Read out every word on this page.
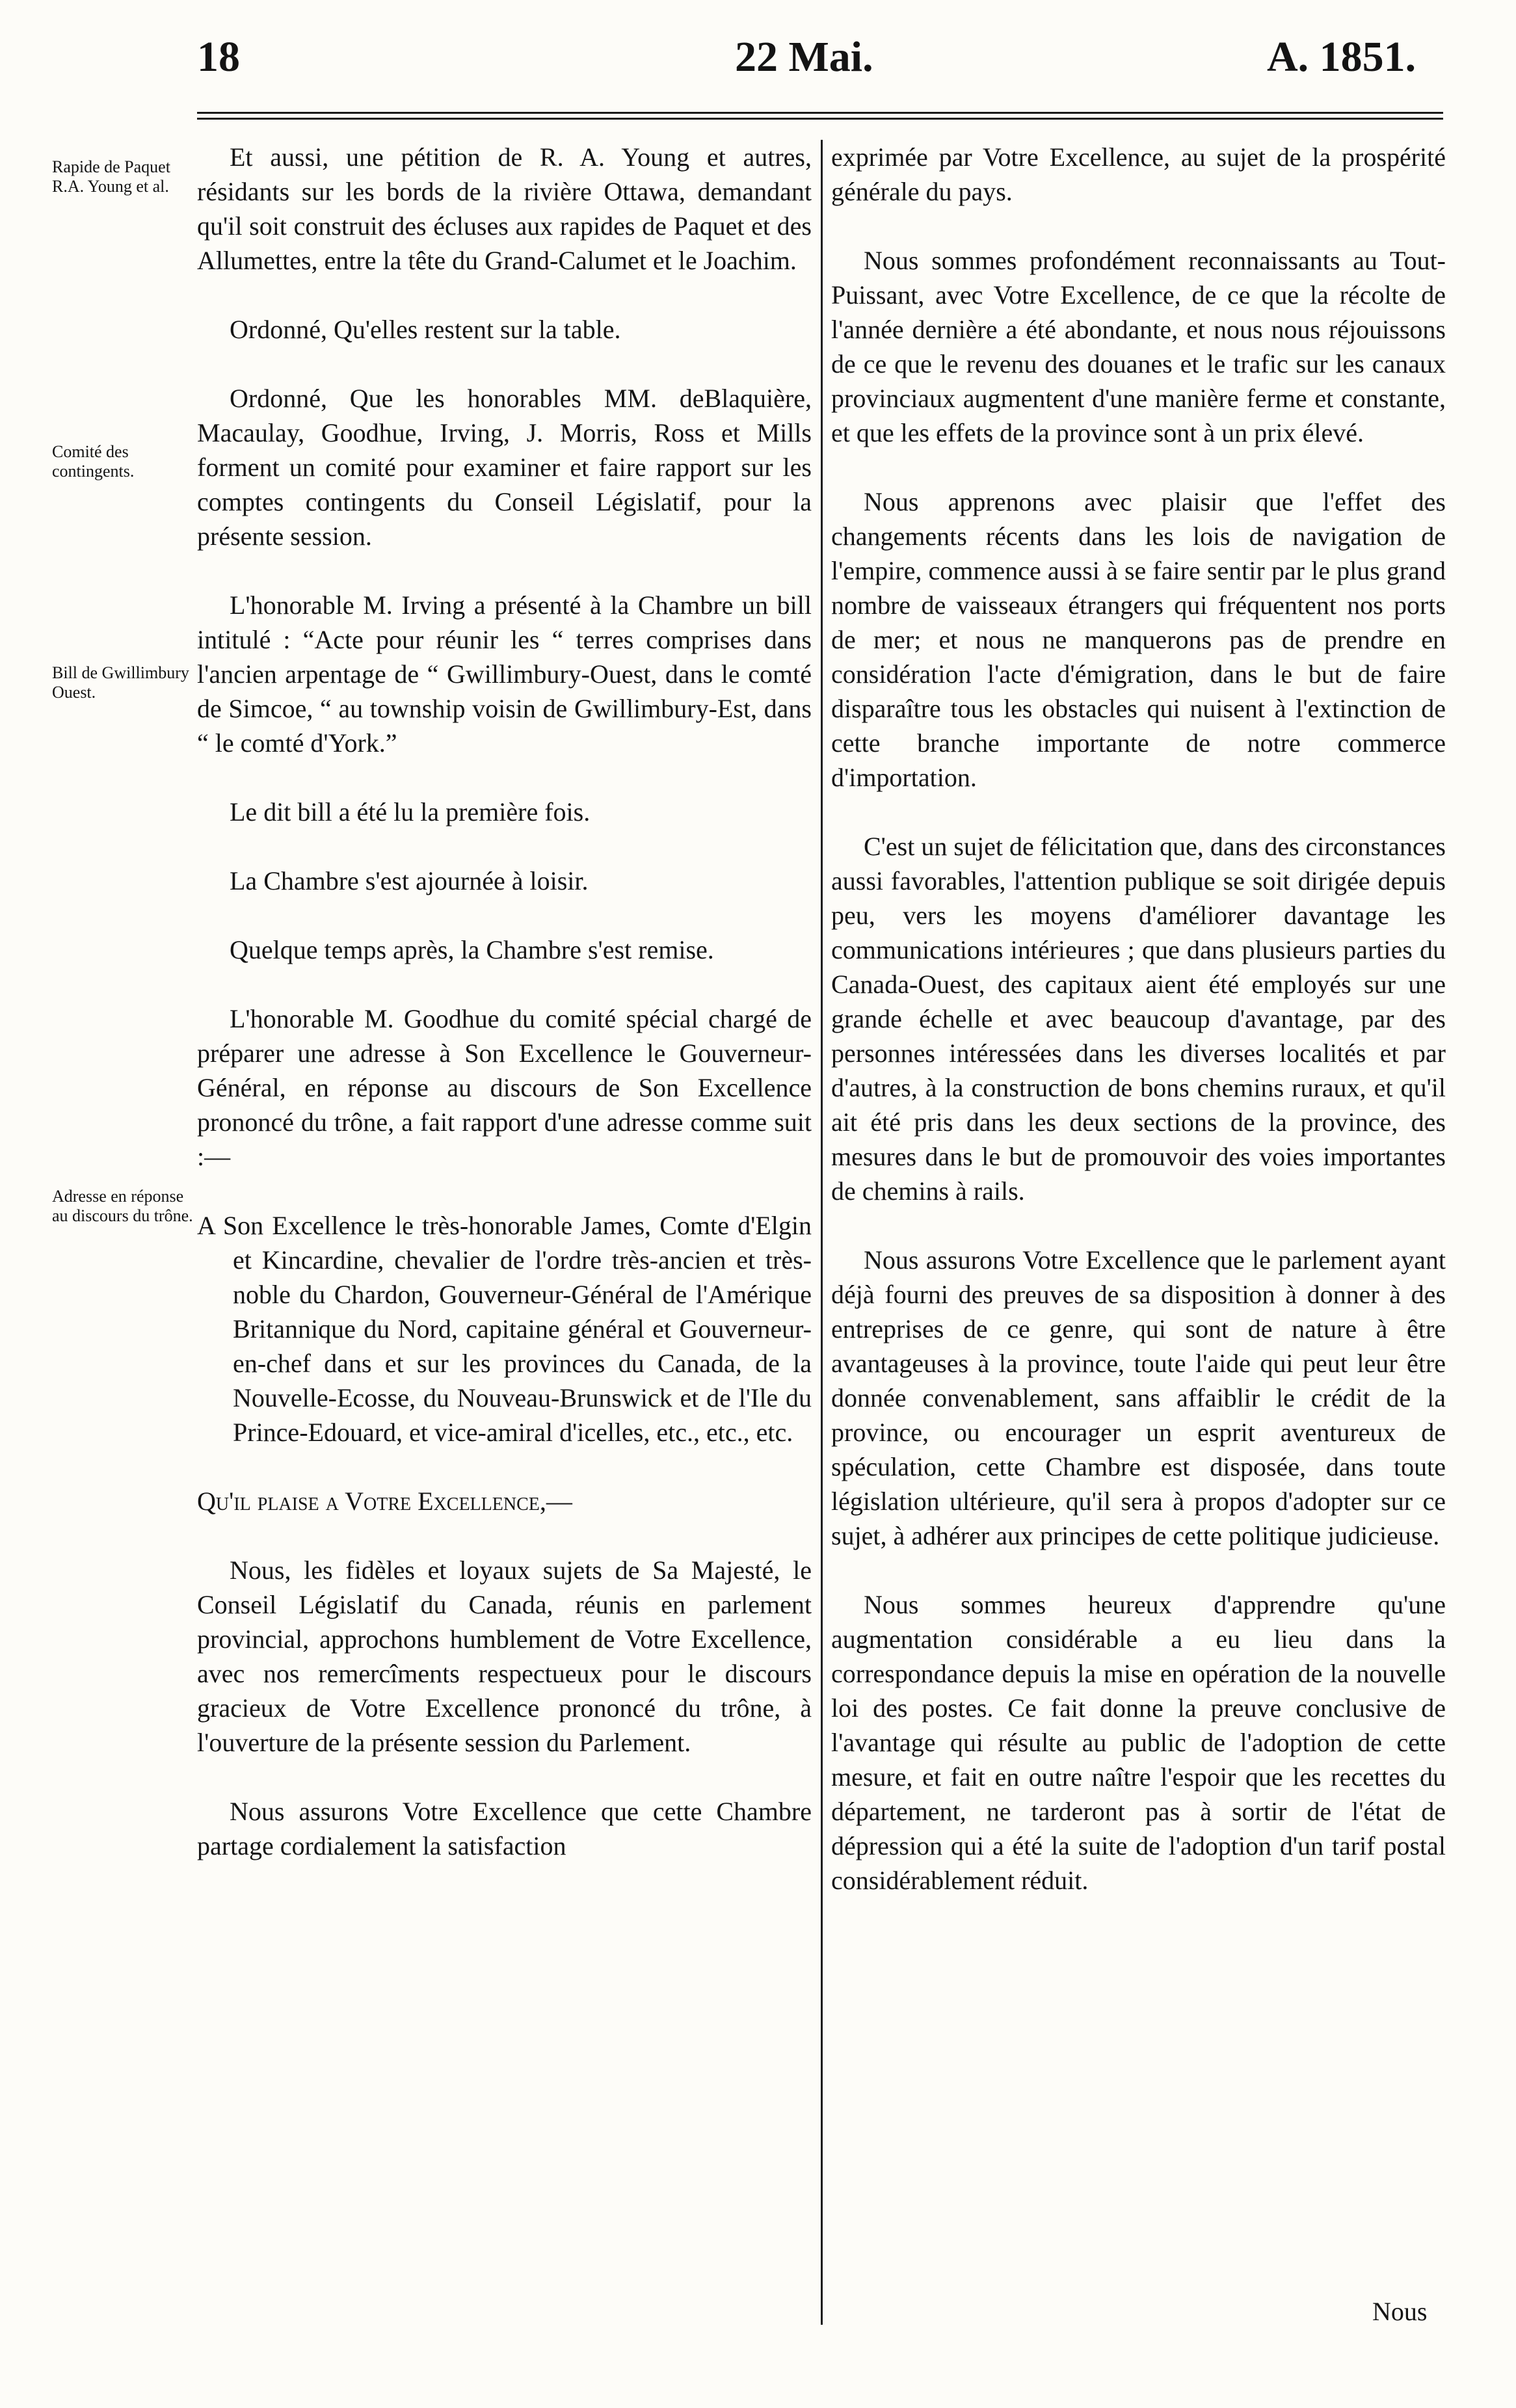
18	22 Mai.	A. 1851.

Rapide de Paquet R.A. Young et al.

Comité des contingents.

Bill de Gwillimbury Ouest.

Adresse en réponse au discours du trône.

Et aussi, une pétition de R. A. Young et autres, résidants sur les bords de la rivière Ottawa, demandant qu'il soit construit des écluses aux rapides de Paquet et des Allumettes, entre la tête du Grand-Calumet et le Joachim.

Ordonné, Qu'elles restent sur la table.

Ordonné, Que les honorables MM. deBlaquière, Macaulay, Goodhue, Irving, J. Morris, Ross et Mills forment un comité pour examiner et faire rapport sur les comptes contingents du Conseil Législatif, pour la présente session.

L'honorable M. Irving a présenté à la Chambre un bill intitulé : “Acte pour réunir les “ terres comprises dans l'ancien arpentage de “ Gwillimbury-Ouest, dans le comté de Simcoe, “ au township voisin de Gwillimbury-Est, dans “ le comté d'York.”

Le dit bill a été lu la première fois.

La Chambre s'est ajournée à loisir.

Quelque temps après, la Chambre s'est remise.

L'honorable M. Goodhue du comité spécial chargé de préparer une adresse à Son Excellence le Gouverneur-Général, en réponse au discours de Son Excellence prononcé du trône, a fait rapport d'une adresse comme suit :—

A Son Excellence le très-honorable James, Comte d'Elgin et Kincardine, chevalier de l'ordre très-ancien et très-noble du Chardon, Gouverneur-Général de l'Amérique Britannique du Nord, capitaine général et Gouverneur-en-chef dans et sur les provinces du Canada, de la Nouvelle-Ecosse, du Nouveau-Brunswick et de l'Ile du Prince-Edouard, et vice-amiral d'icelles, etc., etc., etc.

Qu'il plaise a Votre Excellence,—

Nous, les fidèles et loyaux sujets de Sa Majesté, le Conseil Législatif du Canada, réunis en parlement provincial, approchons humblement de Votre Excellence, avec nos remercîments respectueux pour le discours gracieux de Votre Excellence prononcé du trône, à l'ouverture de la présente session du Parlement.

Nous assurons Votre Excellence que cette Chambre partage cordialement la satisfaction

exprimée par Votre Excellence, au sujet de la prospérité générale du pays.

Nous sommes profondément reconnaissants au Tout-Puissant, avec Votre Excellence, de ce que la récolte de l'année dernière a été abondante, et nous nous réjouissons de ce que le revenu des douanes et le trafic sur les canaux provinciaux augmentent d'une manière ferme et constante, et que les effets de la province sont à un prix élevé.

Nous apprenons avec plaisir que l'effet des changements récents dans les lois de navigation de l'empire, commence aussi à se faire sentir par le plus grand nombre de vaisseaux étrangers qui fréquentent nos ports de mer; et nous ne manquerons pas de prendre en considération l'acte d'émigration, dans le but de faire disparaître tous les obstacles qui nuisent à l'extinction de cette branche importante de notre commerce d'importation.

C'est un sujet de félicitation que, dans des circonstances aussi favorables, l'attention publique se soit dirigée depuis peu, vers les moyens d'améliorer davantage les communications intérieures ; que dans plusieurs parties du Canada-Ouest, des capitaux aient été employés sur une grande échelle et avec beaucoup d'avantage, par des personnes intéressées dans les diverses localités et par d'autres, à la construction de bons chemins ruraux, et qu'il ait été pris dans les deux sections de la province, des mesures dans le but de promouvoir des voies importantes de chemins à rails.

Nous assurons Votre Excellence que le parlement ayant déjà fourni des preuves de sa disposition à donner à des entreprises de ce genre, qui sont de nature à être avantageuses à la province, toute l'aide qui peut leur être donnée convenablement, sans affaiblir le crédit de la province, ou encourager un esprit aventureux de spéculation, cette Chambre est disposée, dans toute législation ultérieure, qu'il sera à propos d'adopter sur ce sujet, à adhérer aux principes de cette politique judicieuse.

Nous sommes heureux d'apprendre qu'une augmentation considérable a eu lieu dans la correspondance depuis la mise en opération de la nouvelle loi des postes. Ce fait donne la preuve conclusive de l'avantage qui résulte au public de l'adoption de cette mesure, et fait en outre naître l'espoir que les recettes du département, ne tarderont pas à sortir de l'état de dépression qui a été la suite de l'adoption d'un tarif postal considérablement réduit.

Nous
